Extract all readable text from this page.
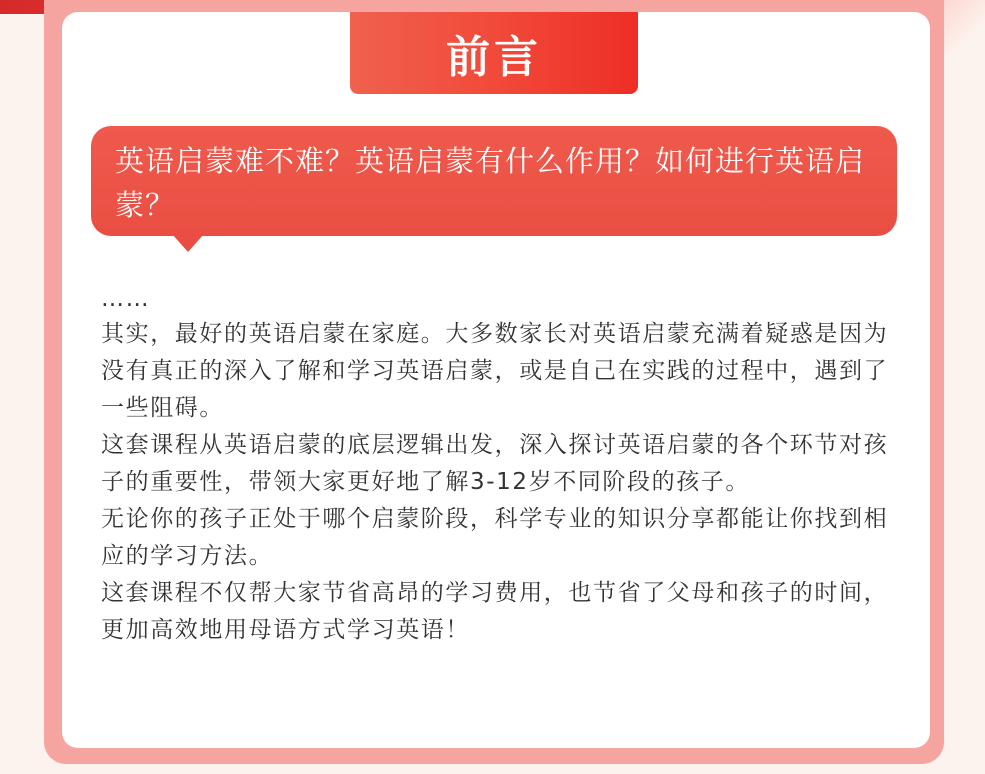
前言

英语启蒙难不难？英语启蒙有什么作用？如何进行英语启蒙？

……

其实，最好的英语启蒙在家庭。大多数家长对英语启蒙充满着疑惑是因为没有真正的深入了解和学习英语启蒙，或是自己在实践的过程中，遇到了一些阻碍。

这套课程从英语启蒙的底层逻辑出发，深入探讨英语启蒙的各个环节对孩子的重要性，带领大家更好地了解3-12岁不同阶段的孩子。

无论你的孩子正处于哪个启蒙阶段，科学专业的知识分享都能让你找到相应的学习方法。

这套课程不仅帮大家节省高昂的学习费用，也节省了父母和孩子的时间，更加高效地用母语方式学习英语！
